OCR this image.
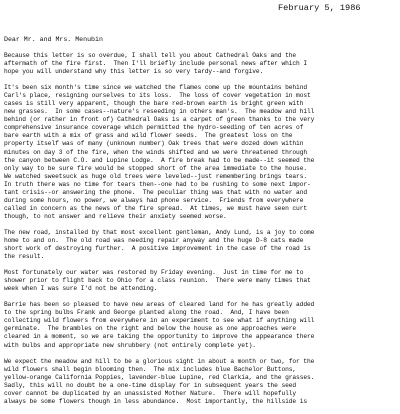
February 5, 1986
Dear Mr. and Mrs. Menubin
Because this letter is so overdue, I shall tell you about Cathedral Oaks and the
aftermath of the fire first.  Then I'll briefly include personal news after which I
hope you will understand why this letter is so very tardy--and forgive.
It's been six month's time since we watched the flames come up the mountains behind
Carl's place, resigning ourselves to its loss.  The loss of cover vegetation in most
cases is still very apparent, though the bare red-brown earth is bright green with
new grasses.  In some cases--nature's reseeding in others man's.  The meadow and hill
behind (or rather in front of) Cathedral Oaks is a carpet of green thanks to the very
comprehensive insurance coverage which permitted the hydro-seeding of ten acres of
bare earth with a mix of grass and wild flower seeds.  The greatest loss on the
property itself was of many (unknown number) Oak trees that were dozed down within
minutes on day 3 of the fire, when the winds shifted and we were threatened through
the canyon between C.O. and Lupine Lodge.  A fire break had to be made--it seemed the
only way to be sure fire would be stopped short of the area immediate to the house.
We watched sweetsuck as huge old trees were leveled--just remembering brings tears.
In truth there was no time for tears then--one had to be rushing to some next impor-
tant crisis--or answering the phone.  The peculiar thing was that with no water and
during some hours, no power, we always had phone service.  Friends from everywhere
called in concern as the news of the fire spread.  At times, we must have seen curt
though, to not answer and relieve their anxiety seemed worse.
The new road, installed by that most excellent gentleman, Andy Lund, is a joy to come
home to and on.  The old road was needing repair anyway and the huge D-8 cats made
short work of destroying further.  A positive improvement in the case of the road is
the result.
Most fortunately our water was restored by Friday evening.  Just in time for me to
shower prior to flight back to Ohio for a class reunion.  There were many times that
week when I was sure I'd not be attending.
Barrie has been so pleased to have new areas of cleared land for he has greatly added
to the spring bulbs Frank and George planted along the road.  And, I have been
collecting wild flowers from everywhere in an experiment to see what if anything will
germinate.  The brambles on the right and below the house as one approaches were
cleared in a moment, so we are taking the opportunity to improve the appearance there
with bulbs and appropriate new shrubbery (not entirely complete yet).
We expect the meadow and hill to be a glorious sight in about a month or two, for the
wild flowers shall begin blooming then.  The mix includes blue Bachelor Buttons,
yellow-orange California Poppies, lavender-blue Lupine, red Clarkia, and the grasses.
Sadly, this will no doubt be a one-time display for in subsequent years the seed
cover cannot be duplicated by an unassisted Mother Nature.  There will hopefully
always be some flowers though in less abundance.  Most importantly, the hillside is
